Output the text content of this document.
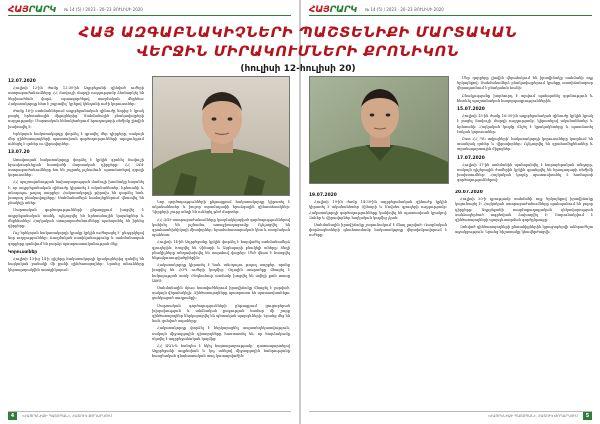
ՀԱՅՐԱՐԿ № 14 (5) / 2023 · 20–23 ՅՈՒԼԻՍԻ 2020
12.07.2020

Հուլիսի 12-ին ժամը 12:30-ին Ադրբեջանի զինված ուժերի ստորաբաժանումները ՀՀ Տավուշի մարզի ուղղությամբ ձեռնարկել են ներխուժման փորձ, օգտագործելով ռազմական մեքենա։ Հակառակորդը հետ է շպրտվել՝ կրելով կենդանի ուժի կորուստներ։

Ժամը 16-ի սահմաններում ադրբեջանական զինուժը նորից է կրակ բացել հրետանային միջոցներից՝ Սահմանային բնակավայրերի ուղղությամբ։ Մարտական հենակետերում հրադադարի ռեժիմը լիովին խախտվել է։

Երեկոյան հակառակորդը փորձել է գրավել մեր դիրքերը, սակայն մեր զինծառայողների պատասխան գործողությունների արդյունքում ունեցել է զոհեր ու վիրավորներ։

13.07.20

Առավոտյան հակառակորդը փորձել է կրկին գրոհել Տավուշի հյուսիսարևելյան հատվածի մարտական դիրքերը։ ՀՀ ԶՈՒ ստորաբաժանումները ետ են շպրտել թշնամուն՝ պատճառելով զգալի կորուստներ։

ՀՀ պաշտպանության նախարարության մամուլի խոսնակը հայտնել է, որ ադրբեջանական զինուժը կիրառել է ականանետեր, հրետանի և անօդաչու թռչող սարքեր։ Հակառակորդի թիրախ են դարձել նաև խաղաղ բնակավայրերը։ Սահմանամերձ համայնքներում վնասվել են բնակելի տներ։

Մարտական գործողությունների ընթացքում խոցվել է ադրբեջանական տանկ, ոչնչացվել են հրետանային կայանքներ և մեքենաներ։ Հայկական ստորաբաժանումները պահպանել են իրենց դիրքերը։

Ուշ երեկոյան հակառակորդի կրակը կրկին ուժեղացել է՝ ընդգրկելով նոր ուղղություններ։ Ռազմական ոստիկանությունը և սահմանապահ զորքերը գտնվում են բարձր պատրաստականության մեջ։

Կորուստներ

Հուլիսի 13-ից 14-ի գիշերը հակառակորդի կրակոցներից զոհվել են հայկական բանակի մի քանի զինծառայողներ։ Նրանց անունները կհրապարակվեն առաջիկայում։

Նոր գործողությունների ընթացքում հակառակորդը կիրառել է ականանետեր և խոշոր տրամաչափի հրաձգային զինատեսակներ։ Դիրքերի շուրջ տեղի են ունեցել թեժ մարտեր։

ՀՀ ԶՈՒ ստորաբաժանումները կազմակերպված գործողություններով կանխել են թշնամու առաջխաղացումը։ Ոչնչացվել են զրահատեխնիկայի միավորներ, հրամանատարական կետ և ռազմական պահեստ։

Հուլիսի 14-ին Ադրբեջանը կրկին փորձել է հարվածել սահմանամերձ գյուղերին։ Խոցվել են Չինարի և Այգեպարի բնակելի տները։ Տեղի բնակիչները տեղափոխվել են ապահով վայրեր։ Մեծ վնաս է հասցվել ենթակառուցվածքներին։

Հակառակորդը կիրառել է նաև անօդաչու թռչող սարքեր, որոնք խոցվել են ՀՕՊ ուժերի կողմից։ Օդային տարածքը մնացել է հսկողության տակ։ Ընդհանուր առմամբ խոցվել են ավելի քան տասը ԱԹՍ։

Սահմանային մյուս հատվածներում իրավիճակը մնացել է լարված, սակայն վերահսկելի։ Զինծառայողները պատրաստ են պատասխանելու ցանկացած սադրանքի։

Մարտական գործողությունների ընթացքում ցուցաբերած խիզախության և անձնական քաջության համար մի շարք զինծառայողներ ներկայացվել են պետական պարգևների։ Նրանց մեջ են նաև զոհված սպաները։

Հակառակորդը փորձել է ներկայացնել ապատեղեկատվություն, սակայն միջազգային դիտորդները հաստատել են, որ հարձակումը սկսվել է ադրբեջանական կողմից։

ՀՀ ԱԳՆ-ն հանդես է եկել հայտարարությամբ՝ դատապարտելով Ադրբեջանի ագրեսիան և կոչ անելով միջազգային հանրությանը հասցեական գնահատական տալ կատարվածին։

4	«ՀԱՅՐԵՆԻՔԻ ՊԱՇՏՊԱՆ», ՀԱՏՈՒԿ ԹՈՂԱՐԿՈՒՄ
ՀԱՅՐԱՐԿ № 14 (5) / 2023 · 20–23 ՅՈՒԼԻՍԻ 2020

Մեր զորքերը լիովին վերահսկում են իրավիճակը սահմանի ողջ երկայնքով։ Սահմանամերձ բնակավայրերում կյանքը աստիճանաբար վերադառնում է բնականոն հունի։

Բնակչությանը խորհուրդ է տրվում պահպանել զգոնություն և հետևել պաշտոնական հաղորդագրություններին։

15.07.2020

Հուլիսի 15-ին ժամը 16:30-ին ադրբեջանական զինուժը կրկին կրակ է բացել Տավուշի մարզի ուղղությամբ, կիրառելով ականանետեր և հրետանի։ Հայկական կողմը ճնշել է կրակակետերը և պատճառել էական կորուստներ։

Ըստ ՀՀ ՊՆ տվյալների՝ հակառակորդի կորուստները կազմում են տասնյակ զոհեր և վիրավորներ։ Ոչնչացվել են զրահամեքենաներ և տրանսպորտային միջոցներ։

17.07.2020

Հուլիսի 17-ին սահմանին պահպանվել է հարաբերական անդորր, սակայն գիշերային ժամերին կրկին գրանցվել են հրադադարի ռեժիմի խախտումներ։ Հայկական կողմը պատասխանել է համաչափ գործողություններով։

19.07.2020

Հուլիսի 19-ին ժամը 14:30-ին ադրբեջանական զինուժը կրկին կիրառել է ականանետեր Չինարի և Մովսես գյուղերի ուղղությամբ։ Հակառակորդի գործողությունները կանխվել են պատասխան կրակով։ Զոհեր և վիրավորներ հայկական կողմից չկան։

Սահմանային իրավիճակը շարունակում է մնալ լարված։ Ռազմական փորձագետների գնահատմամբ հակառակորդը վերախմբավորում է ուժերը։

20.07.2020

Հուլիսի 20-ի դրությամբ սահմանի ողջ երկայնքով իրավիճակը կայունացել է։ Հայկական ստորաբաժանումները պահպանում են բոլոր դիրքերը։ Ադրբեջանի ռազմաքաղաքական ղեկավարության սանձազերծած ագրեսիան ձախողվել է։ Շարունակվում է զինծառայողների պարգևատրման գործընթացը։

Զոհված զինծառայողների ընտանիքներին կցուցաբերվի անհրաժեշտ աջակցություն։ Նրանց հիշատակը կհավերժացվի։

«ՀԱՅՐԵՆԻՔԻ ՊԱՇՏՊԱՆ», ՀԱՏՈՒԿ ԹՈՂԱՐԿՈՒՄ	5
ՀԱՅ ԱԶԳԱԲՆԱԿԻՉՆԵՐԻ ՊԱՇՏԵՆԻՔԻ ՄԱՐՏԱԿԱՆ
ՎԵՐՋԻՆ ՄԻՐԱԿՈՒՄՆԵՐԻ ՔՐՈՆԻԿՈՆ
(հուլիսի 12-հուլիսի 20)
